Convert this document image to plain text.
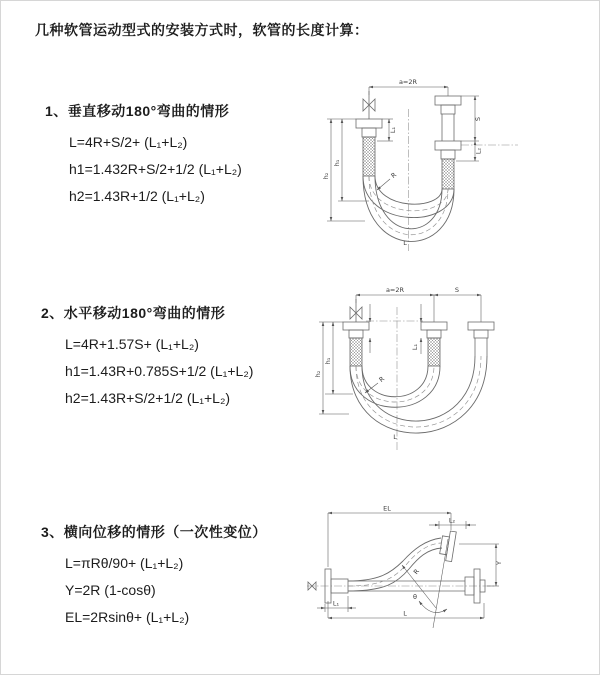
几种软管运动型式的安装方式时，软管的长度计算：
1、垂直移动180°弯曲的情形
L=4R+S/2+ (L₁+L₂)
h1=1.432R+S/2+1/2 (L₁+L₂)
h2=1.43R+1/2 (L₁+L₂)
a=2R
L₁
S
L₂
h₁
h₂	R
L
2、水平移动180°弯曲的情形
L=4R+1.57S+ (L₁+L₂)
h1=1.43R+0.785S+1/2 (L₁+L₂)
h2=1.43R+S/2+1/2 (L₁+L₂)
a=2R	S
L₁
h₁
h₂
R
L
3、横向位移的情形（一次性变位）
L=πRθ/90+ (L₁+L₂)
Y=2R (1-cosθ)
EL=2Rsinθ+ (L₁+L₂)
EL
L₂
Y
R
θ
L₁
L
